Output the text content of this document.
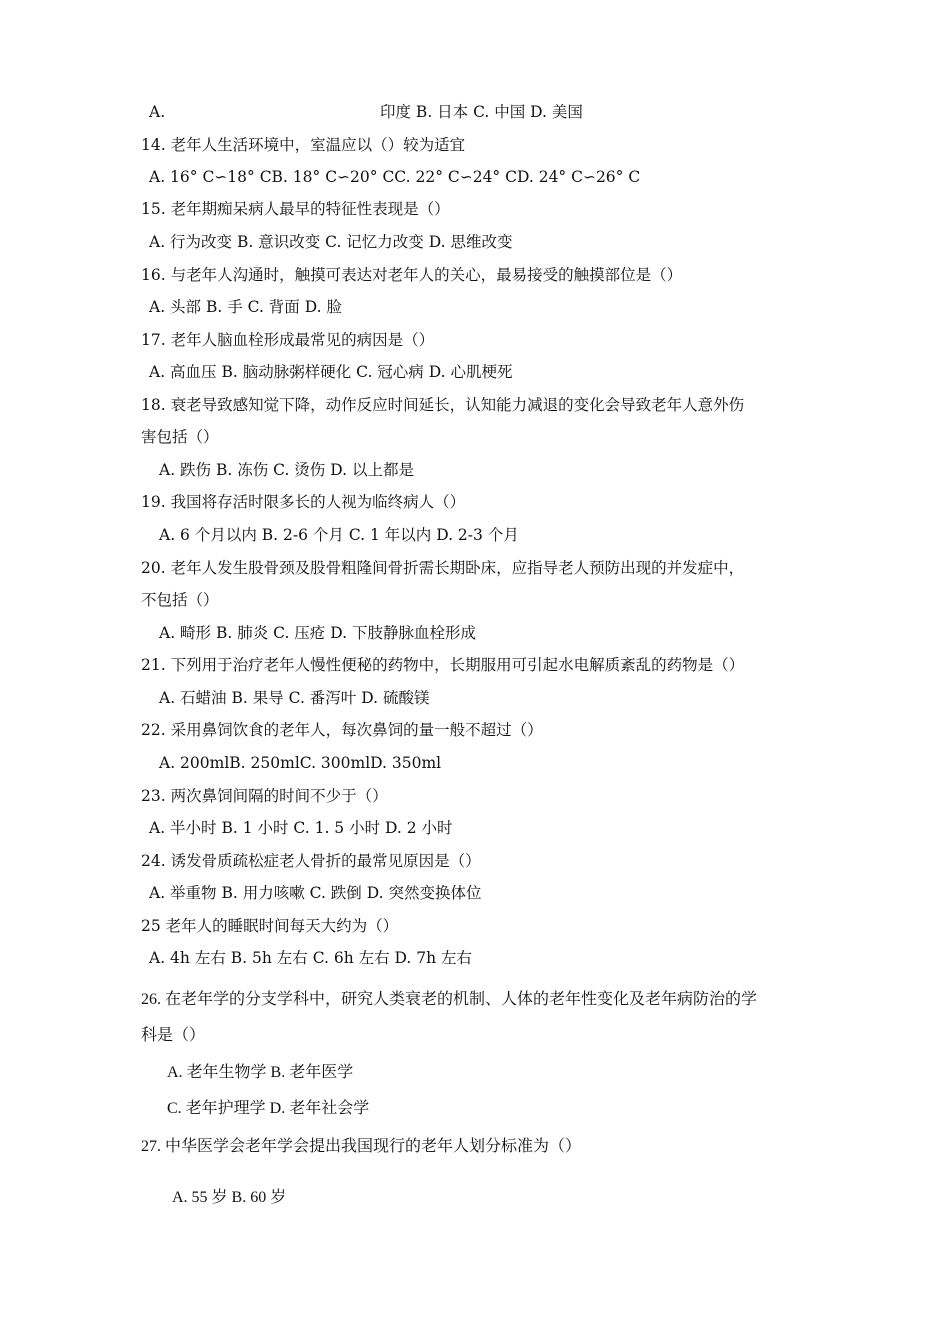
A.	印度 B. 日本 C. 中国 D. 美国
14. 老年人生活环境中，室温应以（）较为适宜
A. 16° C∽18° CB. 18° C∽20° CC. 22° C∽24° CD. 24° C∽26° C
15. 老年期痴呆病人最早的特征性表现是（）
A. 行为改变 B. 意识改变 C. 记忆力改变 D. 思维改变
16. 与老年人沟通时，触摸可表达对老年人的关心，最易接受的触摸部位是（）
A. 头部 B. 手 C. 背面 D. 脸
17. 老年人脑血栓形成最常见的病因是（）
A. 高血压 B. 脑动脉粥样硬化 C. 冠心病 D. 心肌梗死
18. 衰老导致感知觉下降，动作反应时间延长，认知能力减退的变化会导致老年人意外伤
害包括（）
A. 跌伤 B. 冻伤 C. 烫伤 D. 以上都是
19. 我国将存活时限多长的人视为临终病人（）
A. 6 个月以内 B. 2-6 个月 C. 1 年以内 D. 2-3 个月
20. 老年人发生股骨颈及股骨粗隆间骨折需长期卧床，应指导老人预防出现的并发症中，
不包括（）
A. 畸形 B. 肺炎 C. 压疮 D. 下肢静脉血栓形成
21. 下列用于治疗老年人慢性便秘的药物中，长期服用可引起水电解质紊乱的药物是（）
A. 石蜡油 B. 果导 C. 番泻叶 D. 硫酸镁
22. 采用鼻饲饮食的老年人，每次鼻饲的量一般不超过（）
A. 200mlB. 250mlC. 300mlD. 350ml
23. 两次鼻饲间隔的时间不少于（）
A. 半小时 B. 1 小时 C. 1. 5 小时 D. 2 小时
24. 诱发骨质疏松症老人骨折的最常见原因是（）
A. 举重物 B. 用力咳嗽 C. 跌倒 D. 突然变换体位
25 老年人的睡眠时间每天大约为（）
A. 4h 左右 B. 5h 左右 C. 6h 左右 D. 7h 左右
26. 在老年学的分支学科中，研究人类衰老的机制、人体的老年性变化及老年病防治的学
科是（）
A. 老年生物学 B. 老年医学
C. 老年护理学 D. 老年社会学
27. 中华医学会老年学会提出我国现行的老年人划分标准为（）
A. 55 岁 B. 60 岁
